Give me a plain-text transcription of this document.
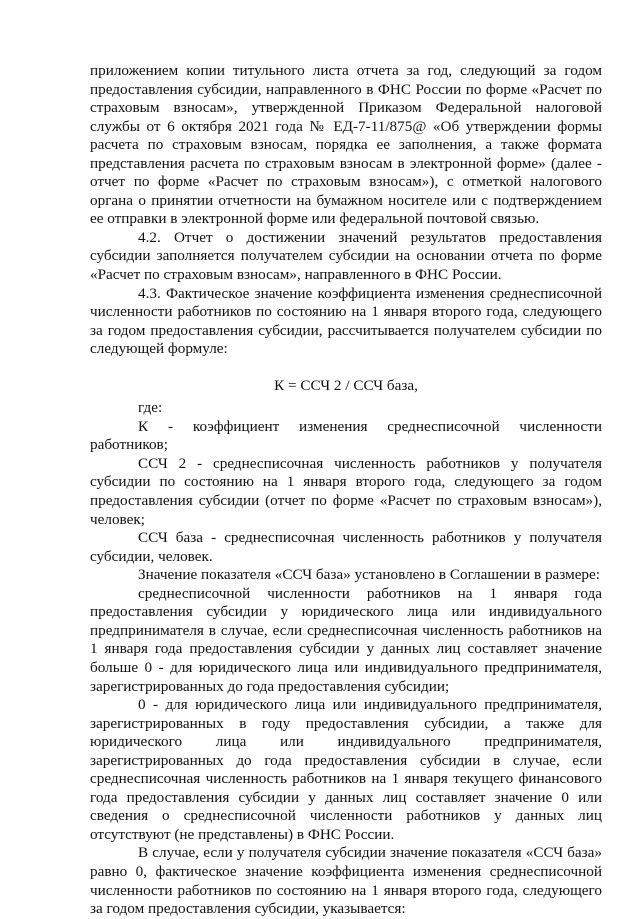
приложением копии титульного листа отчета за год, следующий за годом предоставления субсидии, направленного в ФНС России по форме «Расчет по страховым взносам», утвержденной Приказом Федеральной налоговой службы от 6 октября 2021 года № ЕД-7-11/875@ «Об утверждении формы расчета по страховым взносам, порядка ее заполнения, а также формата представления расчета по страховым взносам в электронной форме» (далее - отчет по форме «Расчет по страховым взносам»), с отметкой налогового органа о принятии отчетности на бумажном носителе или с подтверждением ее отправки в электронной форме или федеральной почтовой связью.

4.2. Отчет о достижении значений результатов предоставления субсидии заполняется получателем субсидии на основании отчета по форме «Расчет по страховым взносам», направленного в ФНС России.

4.3. Фактическое значение коэффициента изменения среднесписочной численности работников по состоянию на 1 января второго года, следующего за годом предоставления субсидии, рассчитывается получателем субсидии по следующей формуле:

К = ССЧ 2 / ССЧ база,

где:

К - коэффициент изменения среднесписочной численности работников;

ССЧ 2 - среднесписочная численность работников у получателя субсидии по состоянию на 1 января второго года, следующего за годом предоставления субсидии (отчет по форме «Расчет по страховым взносам»), человек;

ССЧ база - среднесписочная численность работников у получателя субсидии, человек.

Значение показателя «ССЧ база» установлено в Соглашении в размере:

среднесписочной численности работников на 1 января года предоставления субсидии у юридического лица или индивидуального предпринимателя в случае, если среднесписочная численность работников на 1 января года предоставления субсидии у данных лиц составляет значение больше 0 - для юридического лица или индивидуального предпринимателя, зарегистрированных до года предоставления субсидии;

0 - для юридического лица или индивидуального предпринимателя, зарегистрированных в году предоставления субсидии, а также для юридического лица или индивидуального предпринимателя, зарегистрированных до года предоставления субсидии в случае, если среднесписочная численность работников на 1 января текущего финансового года предоставления субсидии у данных лиц составляет значение 0 или сведения о среднесписочной численности работников у данных лиц отсутствуют (не представлены) в ФНС России.

В случае, если у получателя субсидии значение показателя «ССЧ база» равно 0, фактическое значение коэффициента изменения среднесписочной численности работников по состоянию на 1 января второго года, следующего за годом предоставления субсидии, указывается:
